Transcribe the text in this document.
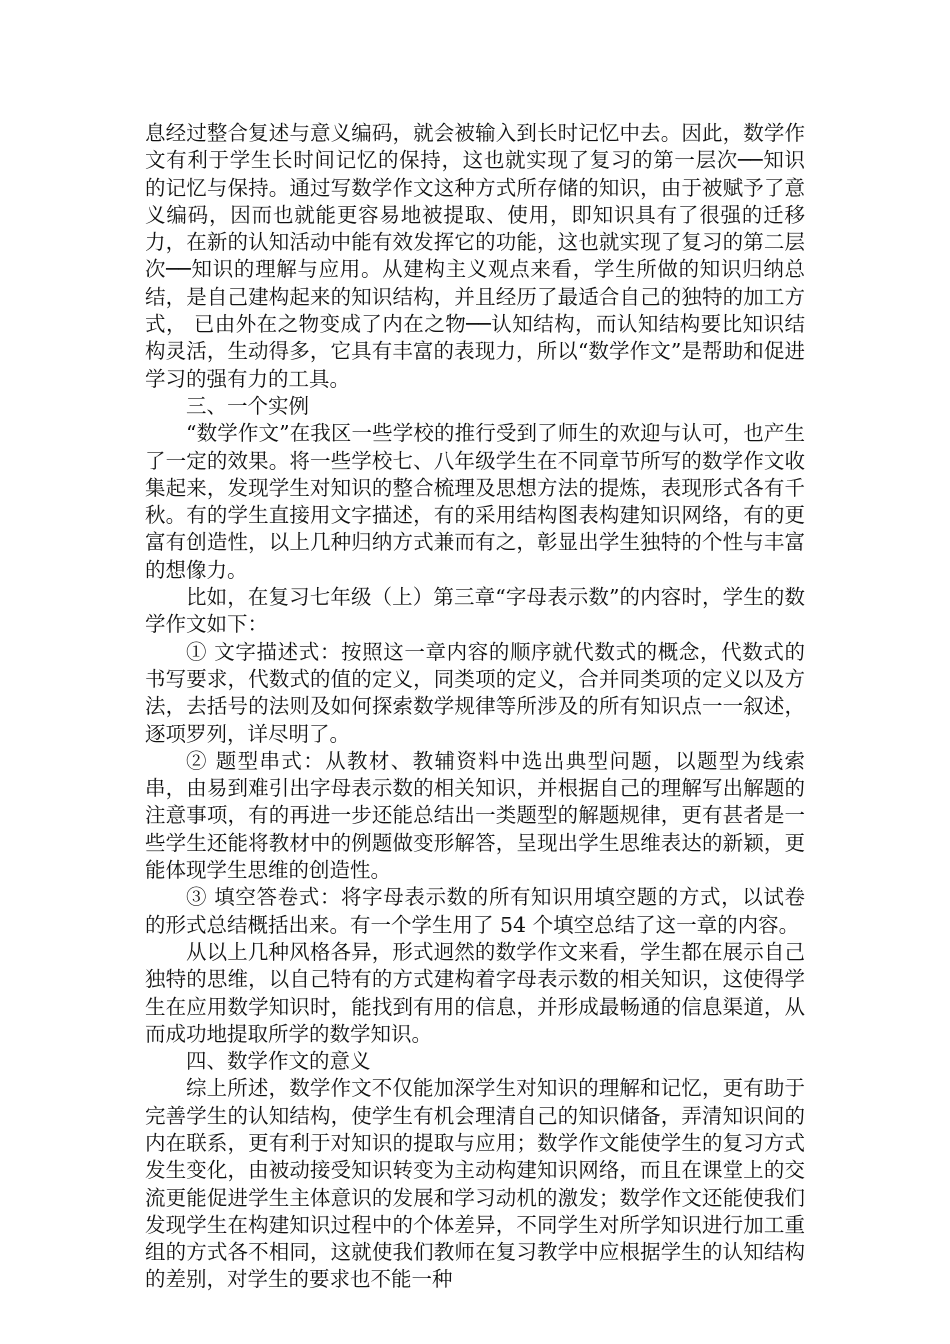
息经过整合复述与意义编码，就会被输入到长时记忆中去。因此，数学作文有利于学生长时间记忆的保持，这也就实现了复习的第一层次──知识的记忆与保持。通过写数学作文这种方式所存储的知识，由于被赋予了意义编码，因而也就能更容易地被提取、使用，即知识具有了很强的迁移力，在新的认知活动中能有效发挥它的功能，这也就实现了复习的第二层次──知识的理解与应用。从建构主义观点来看，学生所做的知识归纳总结，是自己建构起来的知识结构，并且经历了最适合自己的独特的加工方式， 已由外在之物变成了内在之物──认知结构，而认知结构要比知识结构灵活，生动得多，它具有丰富的表现力，所以“数学作文”是帮助和促进学习的强有力的工具。

三、一个实例

“数学作文”在我区一些学校的推行受到了师生的欢迎与认可，也产生了一定的效果。将一些学校七、八年级学生在不同章节所写的数学作文收集起来，发现学生对知识的整合梳理及思想方法的提炼，表现形式各有千秋。有的学生直接用文字描述，有的采用结构图表构建知识网络，有的更富有创造性，以上几种归纳方式兼而有之，彰显出学生独特的个性与丰富的想像力。

比如，在复习七年级（上）第三章“字母表示数”的内容时，学生的数学作文如下：

① 文字描述式：按照这一章内容的顺序就代数式的概念，代数式的书写要求，代数式的值的定义，同类项的定义，合并同类项的定义以及方法，去括号的法则及如何探索数学规律等所涉及的所有知识点一一叙述，逐项罗列，详尽明了。

② 题型串式：从教材、教辅资料中选出典型问题，以题型为线索串，由易到难引出字母表示数的相关知识，并根据自己的理解写出解题的注意事项，有的再进一步还能总结出一类题型的解题规律，更有甚者是一些学生还能将教材中的例题做变形解答，呈现出学生思维表达的新颖，更能体现学生思维的创造性。

③ 填空答卷式：将字母表示数的所有知识用填空题的方式，以试卷的形式总结概括出来。有一个学生用了 54 个填空总结了这一章的内容。

从以上几种风格各异，形式迥然的数学作文来看，学生都在展示自己独特的思维，以自己特有的方式建构着字母表示数的相关知识，这使得学生在应用数学知识时，能找到有用的信息，并形成最畅通的信息渠道，从而成功地提取所学的数学知识。

四、数学作文的意义

综上所述，数学作文不仅能加深学生对知识的理解和记忆，更有助于完善学生的认知结构，使学生有机会理清自己的知识储备，弄清知识间的内在联系，更有利于对知识的提取与应用；数学作文能使学生的复习方式发生变化，由被动接受知识转变为主动构建知识网络，而且在课堂上的交流更能促进学生主体意识的发展和学习动机的激发；数学作文还能使我们发现学生在构建知识过程中的个体差异，不同学生对所学知识进行加工重组的方式各不相同，这就使我们教师在复习教学中应根据学生的认知结构的差别，对学生的要求也不能一种
